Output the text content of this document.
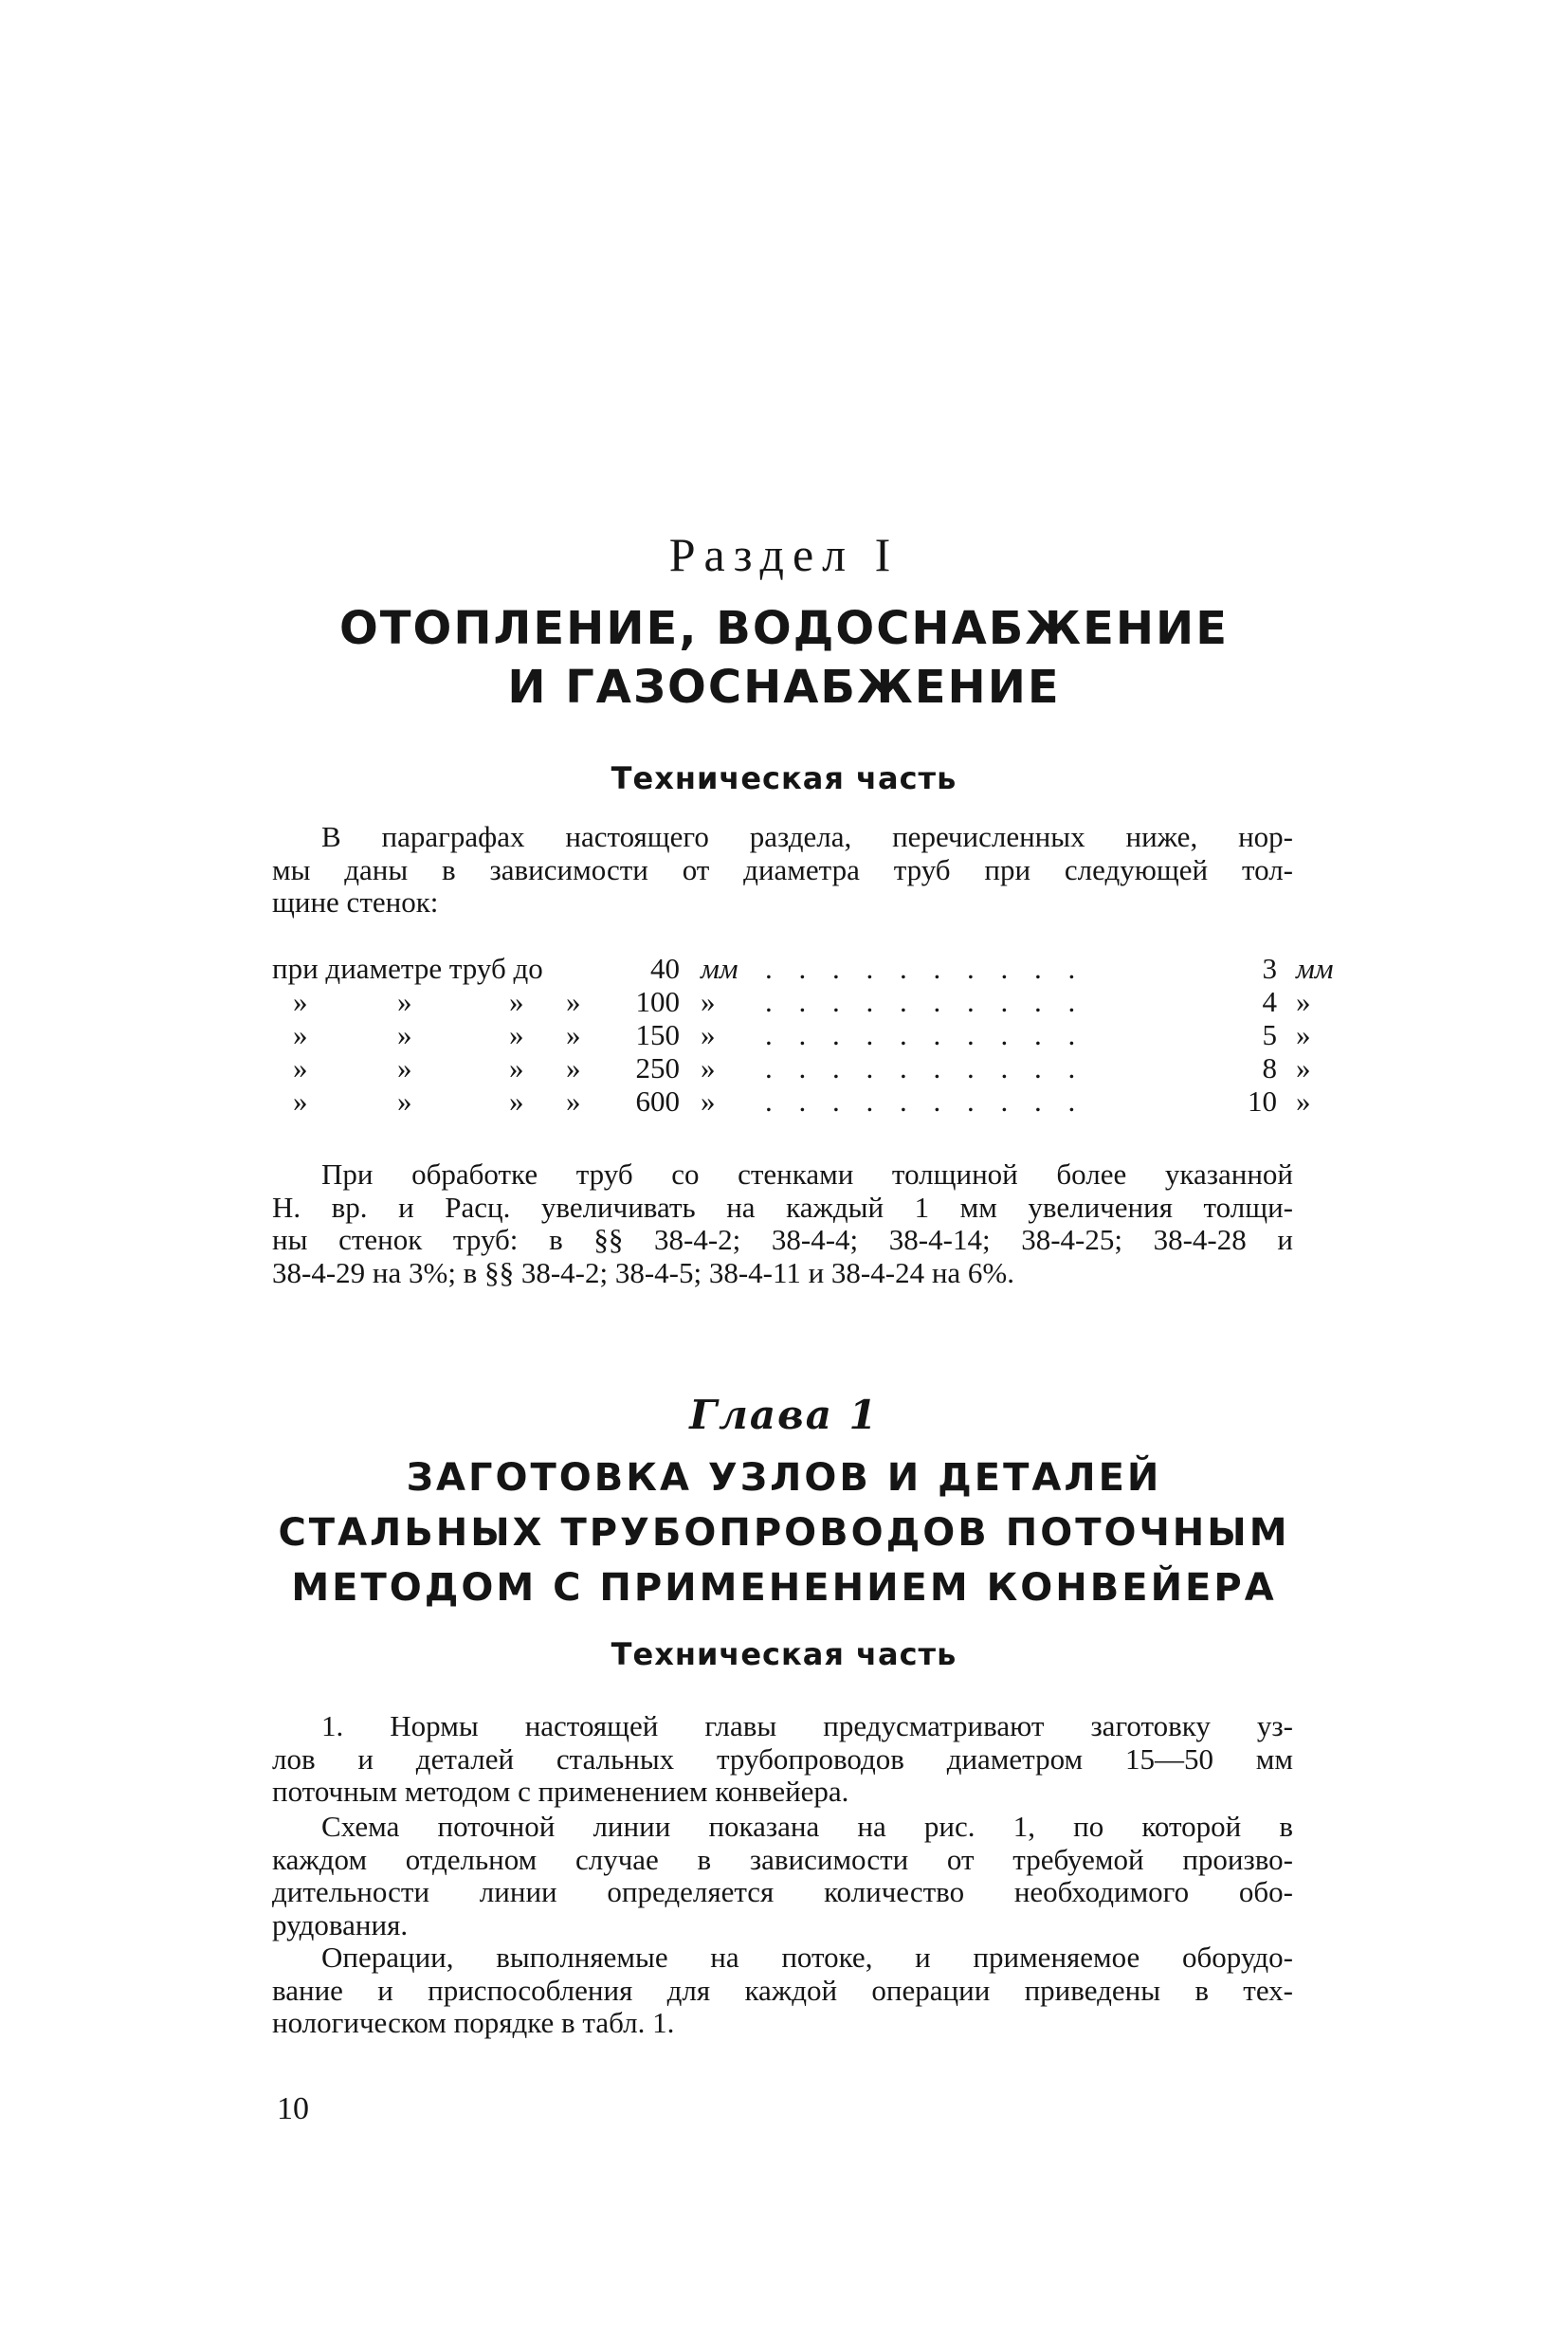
Раздел I
ОТОПЛЕНИЕ, ВОДОСНАБЖЕНИЕ
И ГАЗОСНАБЖЕНИЕ
Техническая часть

В параграфах настоящего раздела, перечисленных ниже, нор-
мы даны в зависимости от диаметра труб при следующей тол-
щине стенок:

при диаметре труб до	40 мм . . . . . . . . . .	3 мм
»	»	» »	100 » . . . . . . . . . .	4 »
»	»	» »	150 » . . . . . . . . . .	5 »
»	»	» »	250 » . . . . . . . . . .	8 »
»	»	» »	600 » . . . . . . . . . .	10 »

При обработке труб со стенками толщиной более указанной
Н. вр. и Расц. увеличивать на каждый 1 мм увеличения толщи-
ны стенок труб: в §§ 38-4-2; 38-4-4; 38-4-14; 38-4-25; 38-4-28 и
38-4-29 на 3%; в §§ 38-4-2; 38-4-5; 38-4-11 и 38-4-24 на 6%.

Глава 1
ЗАГОТОВКА УЗЛОВ И ДЕТАЛЕЙ
СТАЛЬНЫХ ТРУБОПРОВОДОВ ПОТОЧНЫМ
МЕТОДОМ С ПРИМЕНЕНИЕМ КОНВЕЙЕРА
Техническая часть

1. Нормы настоящей главы предусматривают заготовку уз-
лов и деталей стальных трубопроводов диаметром 15—50 мм
поточным методом с применением конвейера.

Схема поточной линии показана на рис. 1, по которой в
каждом отдельном случае в зависимости от требуемой произво-
дительности линии определяется количество необходимого обо-
рудования.

Операции, выполняемые на потоке, и применяемое оборудо-
вание и приспособления для каждой операции приведены в тех-
нологическом порядке в табл. 1.

10
